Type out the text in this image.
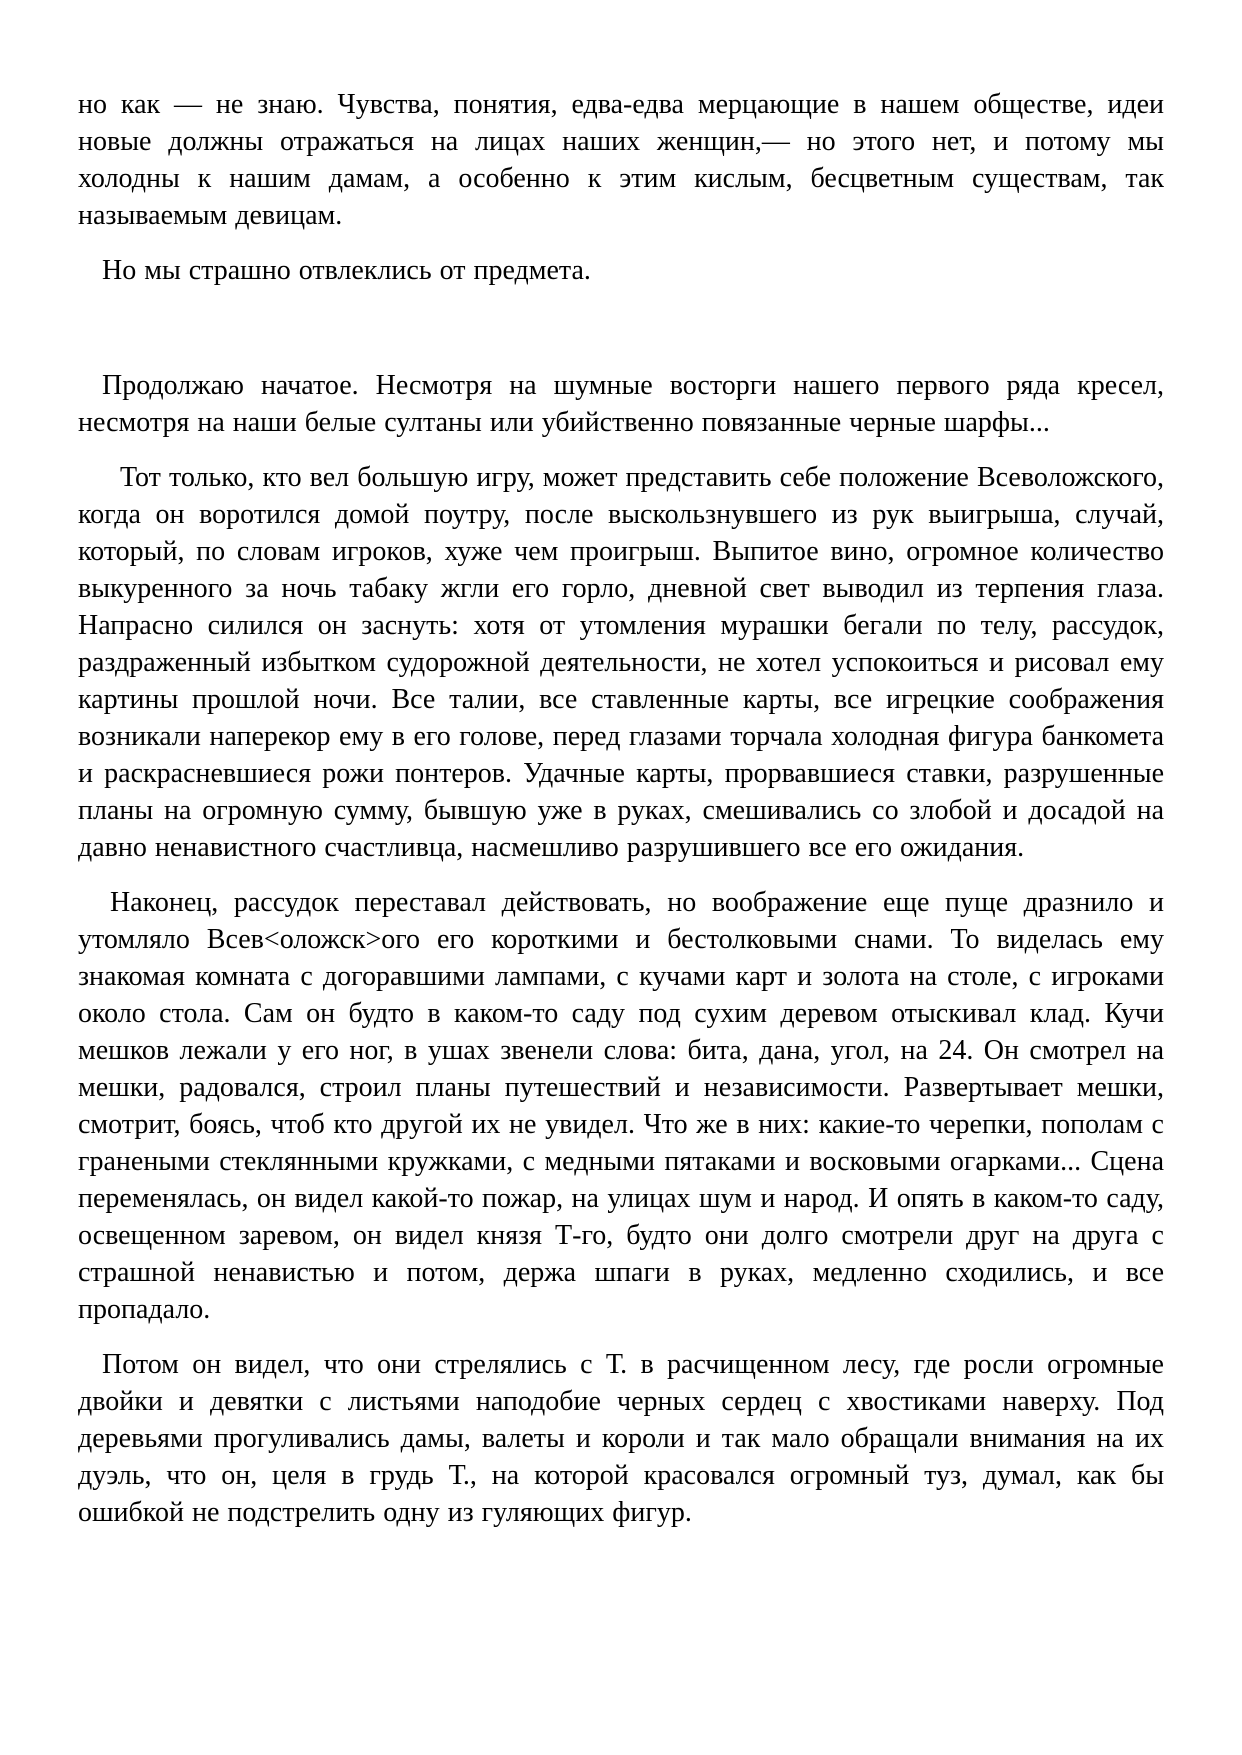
но как — не знаю. Чувства, понятия, едва-едва мерцающие в нашем обществе, идеи новые должны отражаться на лицах наших женщин,— но этого нет, и потому мы холодны к нашим дамам, а особенно к этим кислым, бесцветным существам, так называемым девицам.

Но мы страшно отвлеклись от предмета.

Продолжаю начатое. Несмотря на шумные восторги нашего первого ряда кресел, несмотря на наши белые султаны или убийственно повязанные черные шарфы...

Тот только, кто вел большую игру, может представить себе положение Всеволожского, когда он воротился домой поутру, после выскользнувшего из рук выигрыша, случай, который, по словам игроков, хуже чем проигрыш. Выпитое вино, огромное количество выкуренного за ночь табаку жгли его горло, дневной свет выводил из терпения глаза. Напрасно силился он заснуть: хотя от утомления мурашки бегали по телу, рассудок, раздраженный избытком судорожной деятельности, не хотел успокоиться и рисовал ему картины прошлой ночи. Все талии, все ставленные карты, все игрецкие соображения возникали наперекор ему в его голове, перед глазами торчала холодная фигура банкомета и раскрасневшиеся рожи понтеров. Удачные карты, прорвавшиеся ставки, разрушенные планы на огромную сумму, бывшую уже в руках, смешивались со злобой и досадой на давно ненавистного счастливца, насмешливо разрушившего все его ожидания.

Наконец, рассудок переставал действовать, но воображение еще пуще дразнило и утомляло Всев<оложск>ого его короткими и бестолковыми снами. То виделась ему знакомая комната с догоравшими лампами, с кучами карт и золота на столе, с игроками около стола. Сам он будто в каком-то саду под сухим деревом отыскивал клад. Кучи мешков лежали у его ног, в ушах звенели слова: бита, дана, угол, на 24. Он смотрел на мешки, радовался, строил планы путешествий и независимости. Развертывает мешки, смотрит, боясь, чтоб кто другой их не увидел. Что же в них: какие-то черепки, пополам с гранеными стеклянными кружками, с медными пятаками и восковыми огарками... Сцена переменялась, он видел какой-то пожар, на улицах шум и народ. И опять в каком-то саду, освещенном заревом, он видел князя Т-го, будто они долго смотрели друг на друга с страшной ненавистью и потом, держа шпаги в руках, медленно сходились, и все пропадало.

Потом он видел, что они стрелялись с Т. в расчищенном лесу, где росли огромные двойки и девятки с листьями наподобие черных сердец с хвостиками наверху. Под деревьями прогуливались дамы, валеты и короли и так мало обращали внимания на их дуэль, что он, целя в грудь Т., на которой красовался огромный туз, думал, как бы ошибкой не подстрелить одну из гуляющих фигур.
